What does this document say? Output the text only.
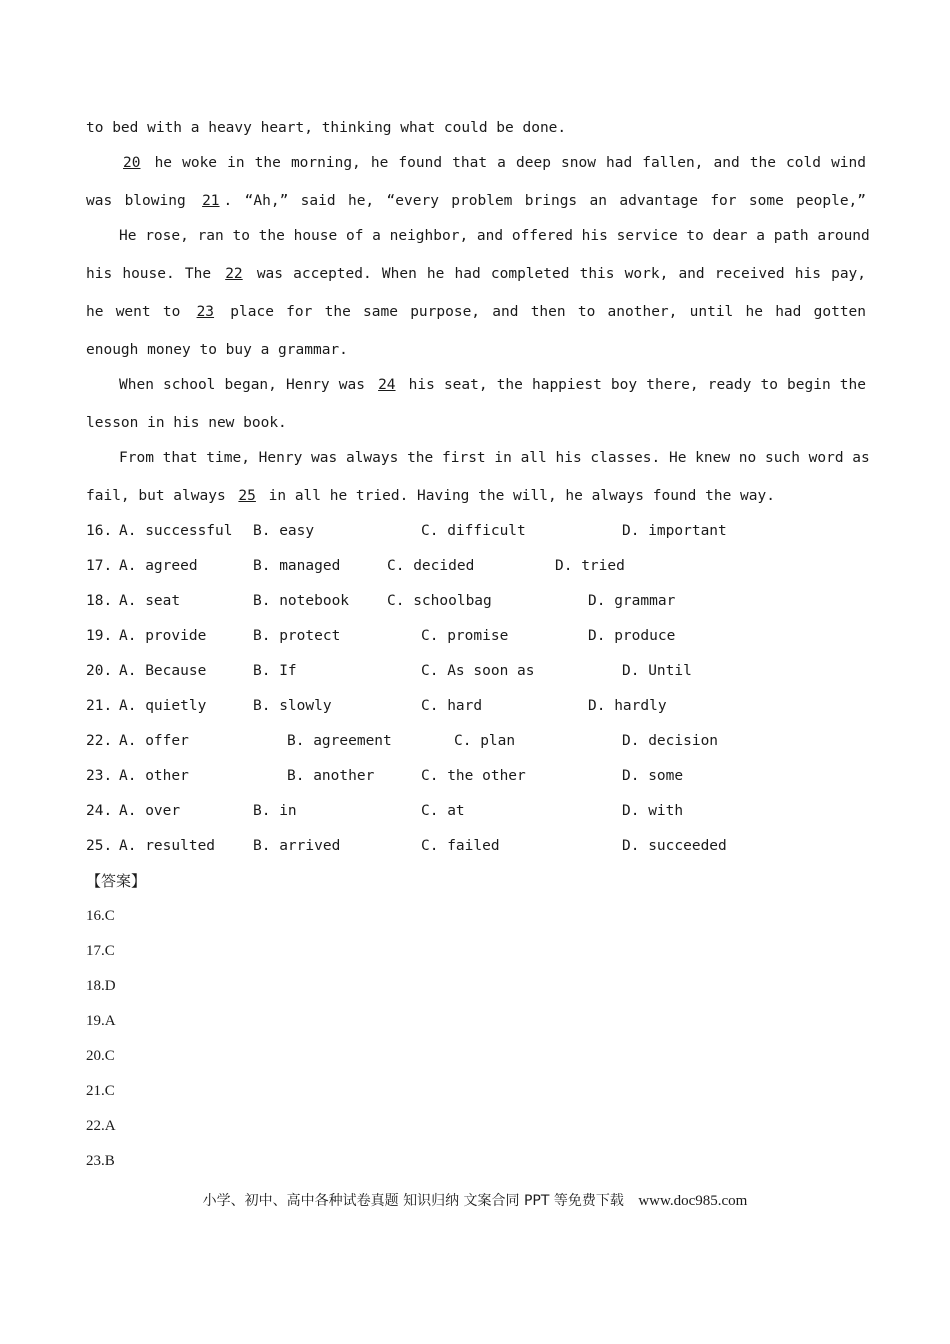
to bed with a heavy heart, thinking what could be done.
20 he woke in the morning, he found that a deep snow had fallen, and the cold wind
was blowing 21 . “Ah,” said he, “every problem brings an advantage for some people,”
He rose, ran to the house of a neighbor, and offered his service to dear a path around
his house. The 22 was accepted. When he had completed this work, and received his pay,
he went to 23 place for the same purpose, and then to another, until he had gotten
enough money to buy a grammar.
When school began, Henry was 24 his seat, the happiest boy there, ready to begin the
lesson in his new book.
From that time, Henry was always the first in all his classes. He knew no such word as
fail, but always 25 in all he tried. Having the will, he always found the way.
16. A. successful B. easy	C. difficult	D. important
17. A. agreed	B. managed	C. decided	D. tried
18. A. seat	B. notebook	C. schoolbag	D. grammar
19. A. provide	B. protect	C. promise	D. produce
20. A. Because	B. If	C. As soon as	D. Until
21. A. quietly	B. slowly	C. hard	D. hardly
22. A. offer	B. agreement	C. plan	D. decision
23. A. other	B. another	C. the other	D. some
24. A. over	B. in	C. at	D. with
25. A. resulted	B. arrived	C. failed	D. succeeded
【答案】
16.C
17.C
18.D
19.A
20.C
21.C
22.A
23.B
小学、初中、高中各种试卷真题 知识归纳 文案合同 PPT 等免费下载 www.doc985.com
